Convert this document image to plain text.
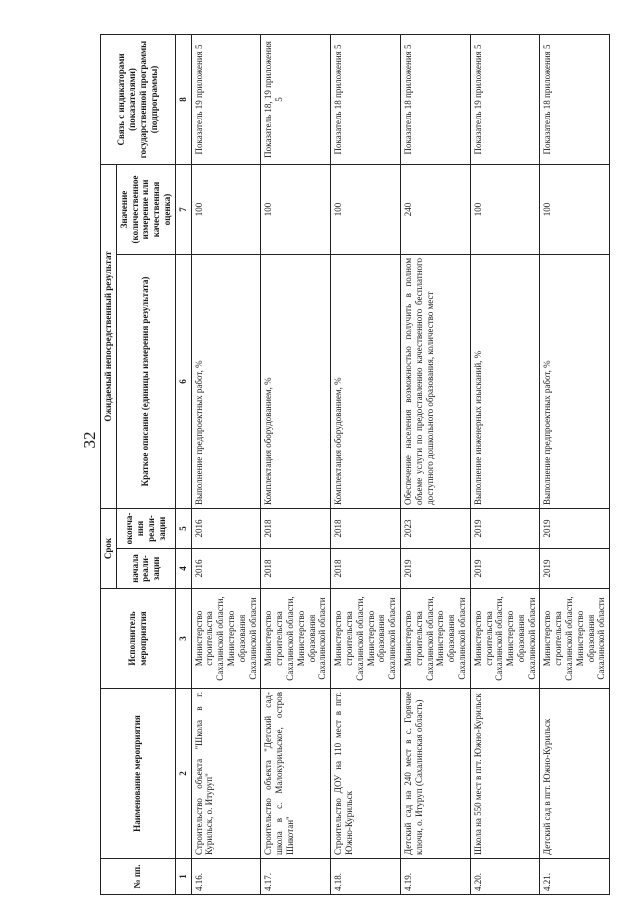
32
№ пп.	Наименование мероприятия	Исполнитель мероприятия	Срок		Ожидаемый непосредственный результат		Связь с индикаторами (показателями) государственной программы (подпрограммы)
			начала реали-зации	оконча-ния реали-зации	Краткое описание (единицы измерения результата)	Значение (количественное измерение или качественная оценка)	

1	2	3	4	5	6	7	8
4.16.	Строительство объекта "Школа в г. Курильск, о. Итуруп"	Министерство строительства Сахалинской области, Министерство образования Сахалинской области	2016	2016	Выполнение предпроектных работ, %	100	Показатель 19 приложения 5
4.17.	Строительство объекта "Детский сад-школа в с. Малокурильское, остров Шикотан"	Министерство строительства Сахалинской области, Министерство образования Сахалинской области	2018	2018	Комплектация оборудованием, %	100	Показатель 18, 19 приложения 5
4.18.	Строительство ДОУ на 110 мест в пгт. Южно-Курильск	Министерство строительства Сахалинской области, Министерство образования Сахалинской области	2018	2018	Комплектация оборудованием, %	100	Показатель 18 приложения 5
4.19.	Детский сад на 240 мест в с. Горячие ключи, о. Итуруп (Сахалинская область)	Министерство строительства Сахалинской области, Министерство образования Сахалинской области	2019	2023	Обеспечение населения возможностью получить в полном объеме услуги по предоставлению качественного бесплатного доступного дошкольного образования, количество мест	240	Показатель 18 приложения 5
4.20.	Школа на 550 мест в пгт. Южно-Курильск	Министерство строительства Сахалинской области, Министерство образования Сахалинской области	2019	2019	Выполнение инженерных изысканий, %	100	Показатель 19 приложения 5
4.21.	Детский сад в пгт. Южно-Курильск	Министерство строительства Сахалинской области, Министерство образования Сахалинской области	2019	2019	Выполнение предпроектных работ, %	100	Показатель 18 приложения 5
